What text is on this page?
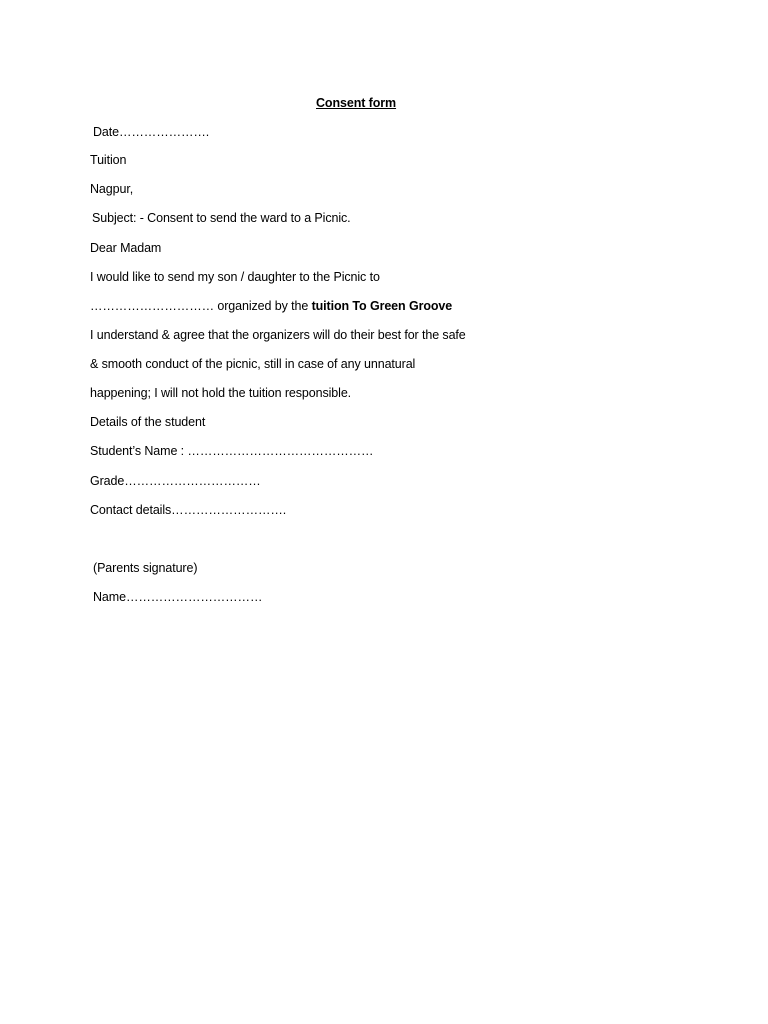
Consent form
Date………………….
Tuition
Nagpur,
Subject: - Consent to send the ward to a Picnic.
Dear Madam
I would like to send my son / daughter to the Picnic to
………………………… organized by the tuition To Green Groove
I understand & agree that the organizers will do their best for the safe
& smooth conduct of the picnic, still in case of any unnatural
happening; I will not hold the tuition responsible.
Details of the student
Student’s Name : ………………………………………
Grade……………………………
Contact details……………………….
(Parents signature)
Name……………………………
